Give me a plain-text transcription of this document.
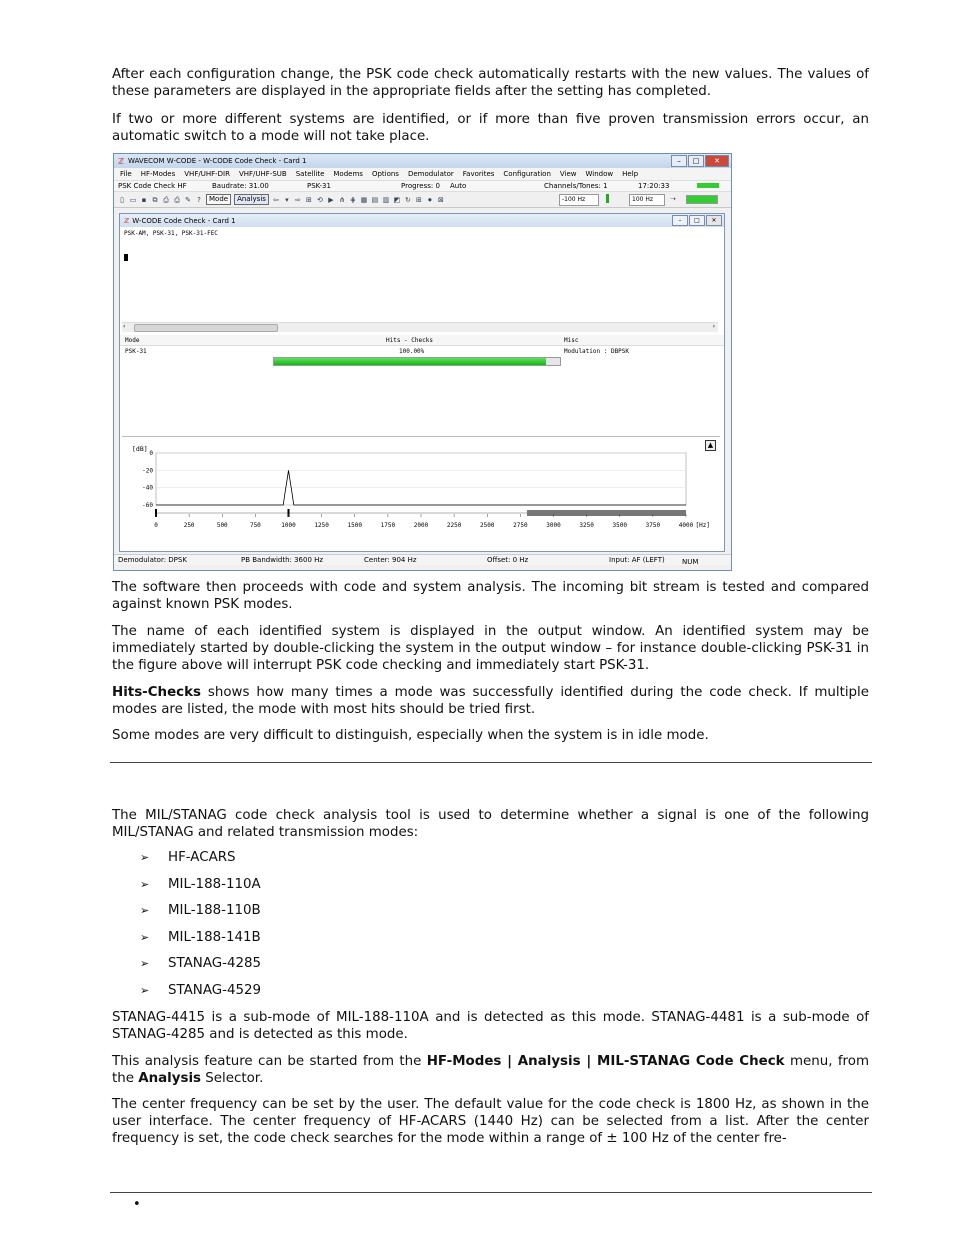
After each configuration change, the PSK code check automatically restarts with the new values. The values of these parameters are displayed in the appropriate fields after the setting has completed.

If two or more different systems are identified, or if more than five proven transmission errors occur, an automatic switch to a mode will not take place.

ℤ WAVECOM W-CODE - W-CODE Code Check - Card 1	–	□	✕
File HF-Modes VHF/UHF-DIR VHF/UHF-SUB Satellite Modems Options Demodulator Favorites Configuration View Window Help
PSK Code Check HF	Baudrate: 31.00	PSK-31	Progress: 0 Auto	Channels/Tones: 1	17:20:33
▯ ▭ ▪ ⧉ ⎙ ⎙ ✎ ?	Mode	Analysis	⇦ ▾ ⇨ ⊞ ⟲ ▶ ⋔ ⋕ ▦ ▤ ▥ ◩ ↻ ⊞ ⏺ ⊠	-100 Hz	100 Hz	➝
ℤ W-CODE Code Check - Card 1	–	□	✕
PSK-AM, PSK-31, PSK-31-FEC
‹	›
Mode	Hits - Checks	Misc
PSK-31	100.00%	Modulation : DBPSK
▲
[dB]
0
-20
-40
-60
0	250	500	750	1000	1250	1500	1750	2000	2250	2500	2750	3000	3250	3500	3750	4000 [Hz]
Demodulator: DPSK	PB Bandwidth: 3600 Hz	Center: 904 Hz	Offset: 0 Hz	Input: AF (LEFT) NUM

The software then proceeds with code and system analysis. The incoming bit stream is tested and compared against known PSK modes.

The name of each identified system is displayed in the output window. An identified system may be immediately started by double-clicking the system in the output window – for instance double-clicking PSK-31 in the figure above will interrupt PSK code checking and immediately start PSK-31.

Hits-Checks shows how many times a mode was successfully identified during the code check. If multiple modes are listed, the mode with most hits should be tried first.

Some modes are very difficult to distinguish, especially when the system is in idle mode.

The MIL/STANAG code check analysis tool is used to determine whether a signal is one of the following MIL/STANAG and related transmission modes:

➢	HF-ACARS
➢	MIL-188-110A
➢	MIL-188-110B
➢	MIL-188-141B
➢	STANAG-4285
➢	STANAG-4529

STANAG-4415 is a sub-mode of MIL-188-110A and is detected as this mode. STANAG-4481 is a sub-mode of STANAG-4285 and is detected as this mode.

This analysis feature can be started from the HF-Modes | Analysis | MIL-STANAG Code Check menu, from the Analysis Selector.

The center frequency can be set by the user. The default value for the code check is 1800 Hz, as shown in the user interface. The center frequency of HF-ACARS (1440 Hz) can be selected from a list. After the center frequency is set, the code check searches for the mode within a range of ± 100 Hz of the center fre-

•
